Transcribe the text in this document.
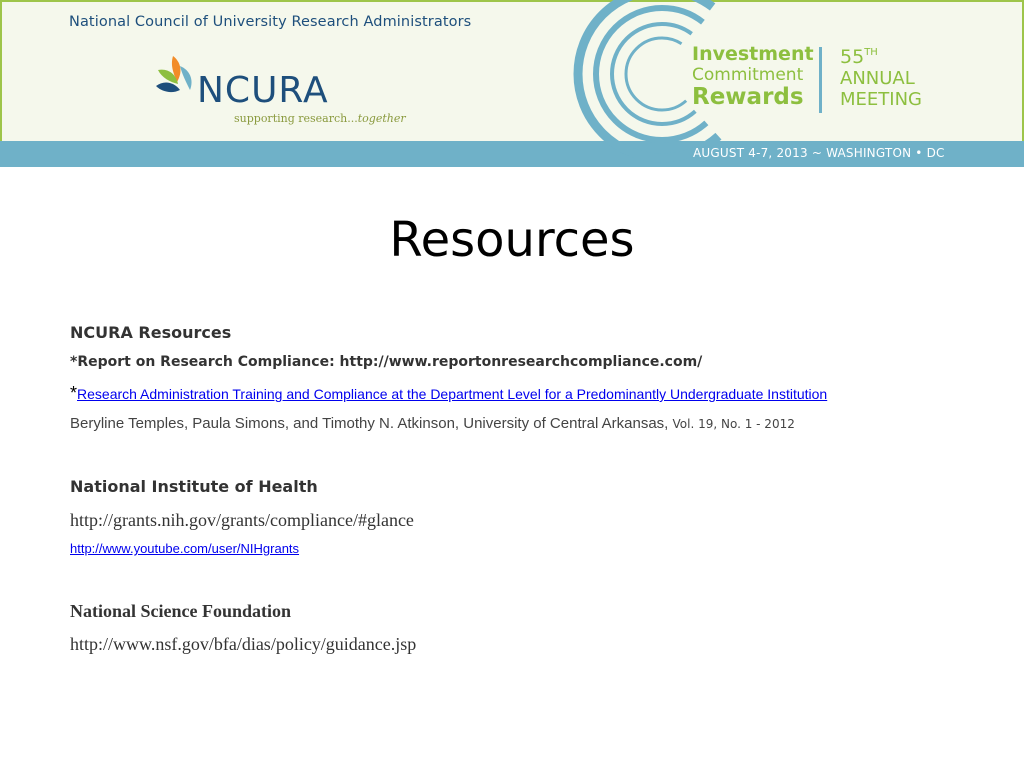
National Council of University Research Administrators
NCURA
supporting research...together
Investment
Commitment
Rewards
55TH
ANNUAL
MEETING
AUGUST 4-7, 2013 ~ WASHINGTON • DC
Resources
NCURA Resources
*Report on Research Compliance: http://www.reportonresearchcompliance.com/
*Research Administration Training and Compliance at the Department Level for a Predominantly Undergraduate Institution
Beryline Temples, Paula Simons, and Timothy N. Atkinson, University of Central Arkansas, Vol. 19, No. 1 - 2012
National Institute of Health
http://grants.nih.gov/grants/compliance/#glance
http://www.youtube.com/user/NIHgrants
National Science Foundation
http://www.nsf.gov/bfa/dias/policy/guidance.jsp
